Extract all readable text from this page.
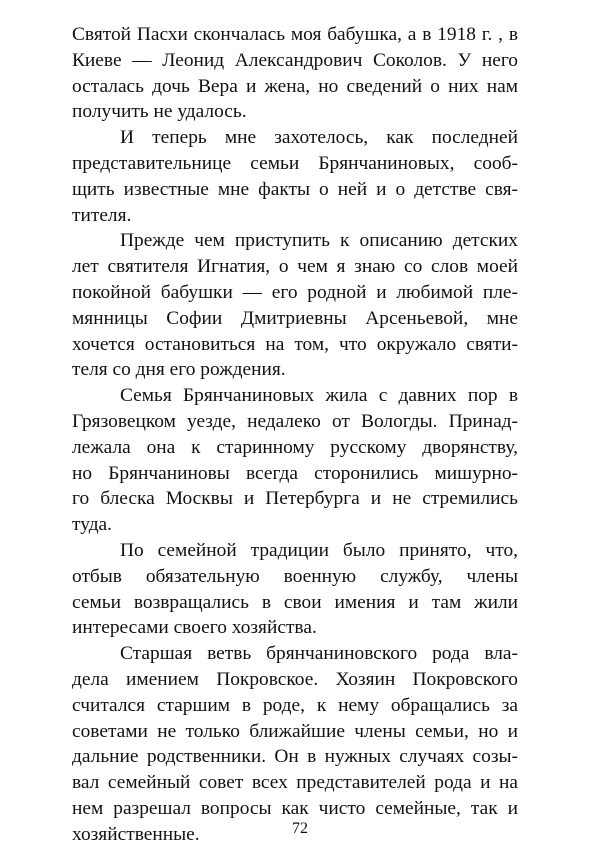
Святой Пасхи скончалась моя бабушка, а в 1918 г. , в
Киеве — Леонид Александрович Соколов. У него
осталась дочь Вера и жена, но сведений о них нам
получить не удалось.

И теперь мне захотелось, как последней
представительнице семьи Брянчаниновых, сооб-
щить известные мне факты о ней и о детстве свя-
тителя.

Прежде чем приступить к описанию детских
лет святителя Игнатия, о чем я знаю со слов моей
покойной бабушки — его родной и любимой пле-
мянницы Софии Дмитриевны Арсеньевой, мне
хочется остановиться на том, что окружало святи-
теля со дня его рождения.

Семья Брянчаниновых жила с давних пор в
Грязовецком уезде, недалеко от Вологды. Принад-
лежала она к старинному русскому дворянству,
но Брянчаниновы всегда сторонились мишурно-
го блеска Москвы и Петербурга и не стремились
туда.

По семейной традиции было принято, что,
отбыв обязательную военную службу, члены
семьи возвращались в свои имения и там жили
интересами своего хозяйства.

Старшая ветвь брянчаниновского рода вла-
дела имением Покровское. Хозяин Покровского
считался старшим в роде, к нему обращались за
советами не только ближайшие члены семьи, но и
дальние родственники. Он в нужных случаях созы-
вал семейный совет всех представителей рода и на
нем разрешал вопросы как чисто семейные, так и
хозяйственные.	72
